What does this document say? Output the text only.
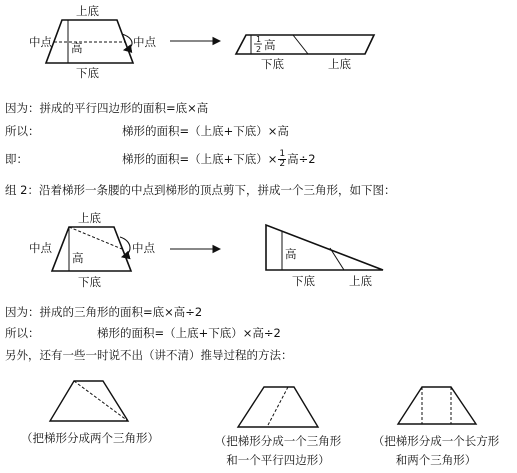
上底
中点	中点
高
下底
1
2 高
下底	上底
上底
中点	中点
高
下底
高
下底	上底
因为：拼成的平行四边形的面积=底×高
所以：	梯形的面积=（上底+下底）×高
即：	梯形的面积=（上底+下底）× $\frac{1}{2}$ 高÷2
组 2：沿着梯形一条腰的中点到梯形的顶点剪下，拼成一个三角形，如下图：
因为：拼成的三角形的面积=底×高÷2
所以：	梯形的面积=（上底+下底）×高÷2
另外，还有一些一时说不出（讲不清）推导过程的方法：
（把梯形分成两个三角形）	（把梯形分成一个三角形
和一个平行四边形）
（把梯形分成一个长方形
和两个三角形）
